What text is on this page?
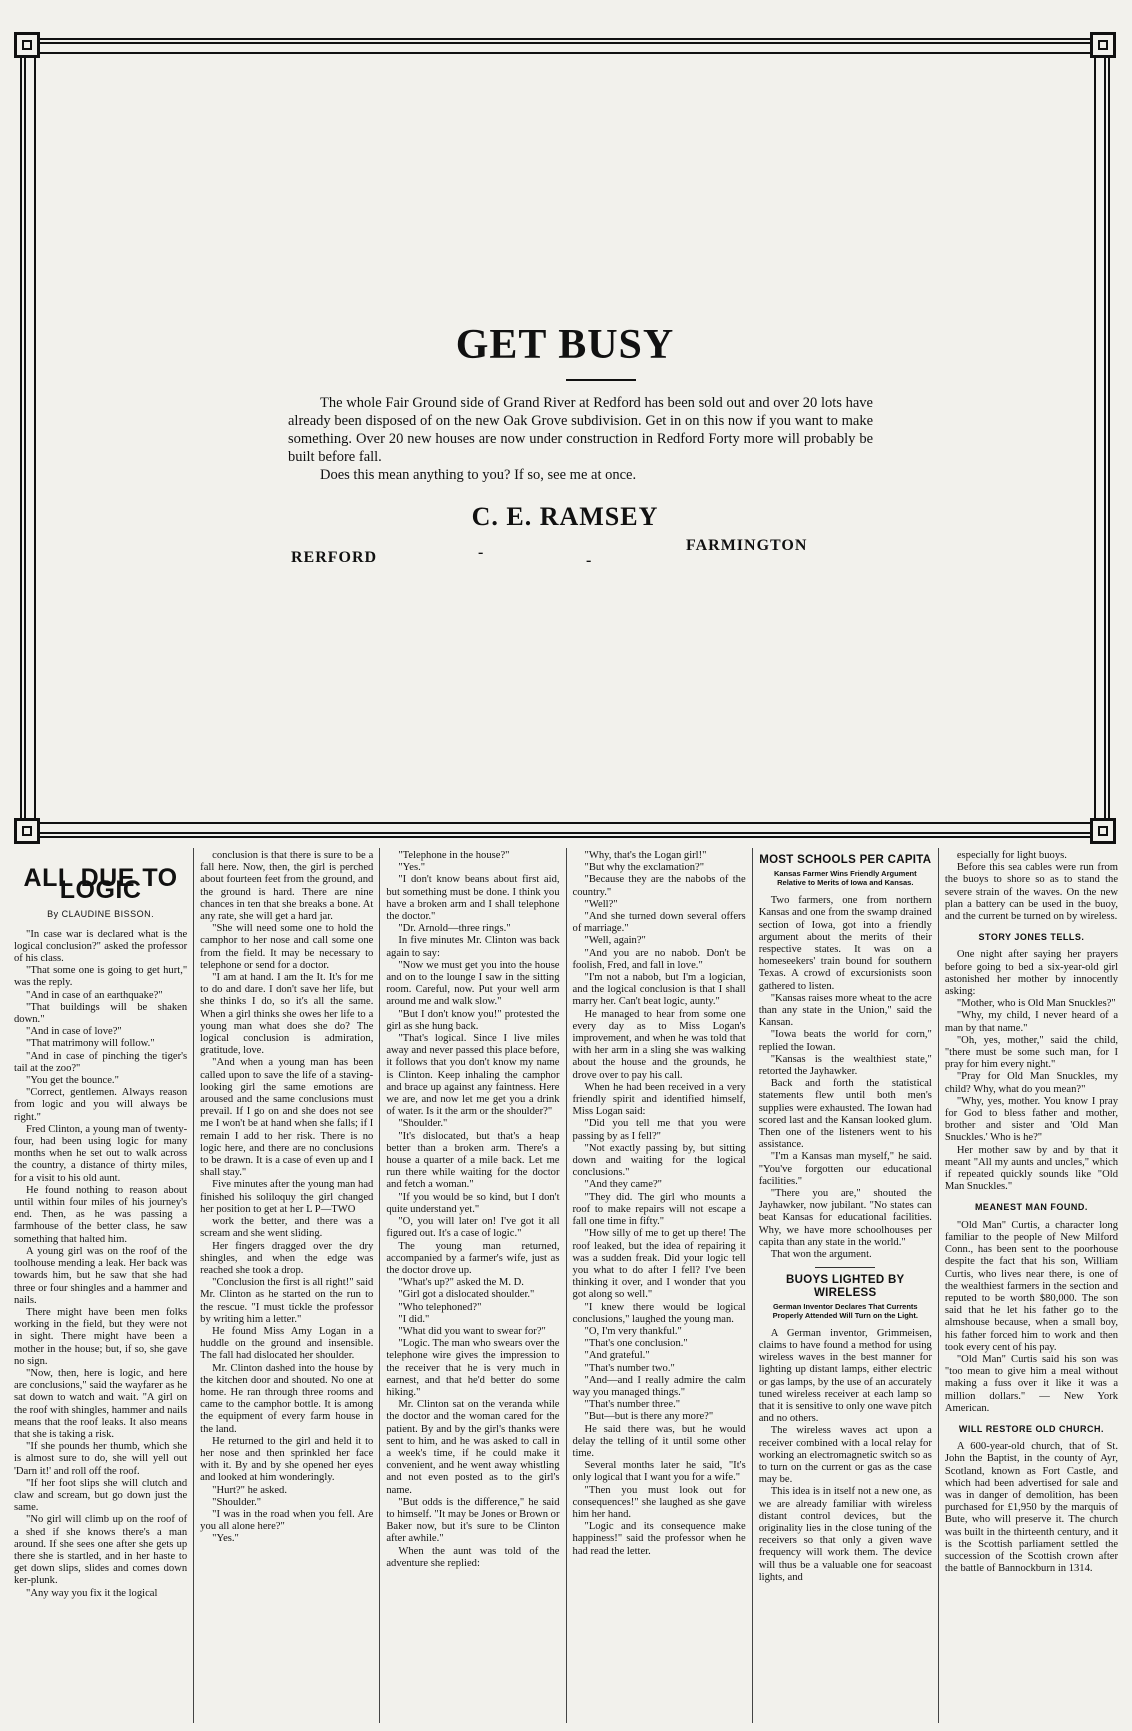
GET BUSY

The whole Fair Ground side of Grand River at Redford has been sold out and over 20 lots have already been disposed of on the new Oak Grove subdivision. Get in on this now if you want to make something. Over 20 new houses are now under construction in Redford Forty more will probably be built before fall.

Does this mean anything to you? If so, see me at once.

C. E. RAMSEY
RERFORD	-	-
FARMINGTON
ALL DUE TO LOGIC
By CLAUDINE BISSON.

"In case war is declared what is the logical conclusion?" asked the professor of his class.

"That some one is going to get hurt," was the reply.

"And in case of an earthquake?"

"That buildings will be shaken down."

"And in case of love?"

"That matrimony will follow."

"And in case of pinching the tiger's tail at the zoo?"

"You get the bounce."

"Correct, gentlemen. Always reason from logic and you will always be right."

Fred Clinton, a young man of twenty-four, had been using logic for many months when he set out to walk across the country, a distance of thirty miles, for a visit to his old aunt.

He found nothing to reason about until within four miles of his journey's end. Then, as he was passing a farmhouse of the better class, he saw something that halted him.

A young girl was on the roof of the toolhouse mending a leak. Her back was towards him, but he saw that she had three or four shingles and a hammer and nails.

There might have been men folks working in the field, but they were not in sight. There might have been a mother in the house; but, if so, she gave no sign.

"Now, then, here is logic, and here are conclusions," said the wayfarer as he sat down to watch and wait. "A girl on the roof with shingles, hammer and nails means that the roof leaks. It also means that she is taking a risk.

"If she pounds her thumb, which she is almost sure to do, she will yell out 'Darn it!' and roll off the roof.

"If her foot slips she will clutch and claw and scream, but go down just the same.

"No girl will climb up on the roof of a shed if she knows there's a man around. If she sees one after she gets up there she is startled, and in her haste to get down slips, slides and comes down ker-plunk.

"Any way you fix it the logical

conclusion is that there is sure to be a fall here. Now, then, the girl is perched about fourteen feet from the ground, and the ground is hard. There are nine chances in ten that she breaks a bone. At any rate, she will get a hard jar.

"She will need some one to hold the camphor to her nose and call some one from the field. It may be necessary to telephone or send for a doctor.

"I am at hand. I am the It. It's for me to do and dare. I don't save her life, but she thinks I do, so it's all the same. When a girl thinks she owes her life to a young man what does she do? The logical conclusion is admiration, gratitude, love.

"And when a young man has been called upon to save the life of a staving-looking girl the same emotions are aroused and the same conclusions must prevail. If I go on and she does not see me I won't be at hand when she falls; if I remain I add to her risk. There is no logic here, and there are no conclusions to be drawn. It is a case of even up and I shall stay."

Five minutes after the young man had finished his soliloquy the girl changed her position to get at her L P—TWO

work the better, and there was a scream and she went sliding.

Her fingers dragged over the dry shingles, and when the edge was reached she took a drop.

"Conclusion the first is all right!" said Mr. Clinton as he started on the run to the rescue. "I must tickle the professor by writing him a letter."

He found Miss Amy Logan in a huddle on the ground and insensible. The fall had dislocated her shoulder.

Mr. Clinton dashed into the house by the kitchen door and shouted. No one at home. He ran through three rooms and came to the camphor bottle. It is among the equipment of every farm house in the land.

He returned to the girl and held it to her nose and then sprinkled her face with it. By and by she opened her eyes and looked at him wonderingly.

"Hurt?" he asked.

"Shoulder."

"I was in the road when you fell. Are you all alone here?"

"Yes."

"Telephone in the house?"

"Yes."

"I don't know beans about first aid, but something must be done. I think you have a broken arm and I shall telephone the doctor."

"Dr. Arnold—three rings."

In five minutes Mr. Clinton was back again to say:

"Now we must get you into the house and on to the lounge I saw in the sitting room. Careful, now. Put your well arm around me and walk slow."

"But I don't know you!" protested the girl as she hung back.

"That's logical. Since I live miles away and never passed this place before, it follows that you don't know my name is Clinton. Keep inhaling the camphor and brace up against any faintness. Here we are, and now let me get you a drink of water. Is it the arm or the shoulder?"

"Shoulder."

"It's dislocated, but that's a heap better than a broken arm. There's a house a quarter of a mile back. Let me run there while waiting for the doctor and fetch a woman."

"If you would be so kind, but I don't quite understand yet."

"O, you will later on! I've got it all figured out. It's a case of logic."

The young man returned, accompanied by a farmer's wife, just as the doctor drove up.

"What's up?" asked the M. D.

"Girl got a dislocated shoulder."

"Who telephoned?"

"I did."

"What did you want to swear for?"

"Logic. The man who swears over the telephone wire gives the impression to the receiver that he is very much in earnest, and that he'd better do some hiking."

Mr. Clinton sat on the veranda while the doctor and the woman cared for the patient. By and by the girl's thanks were sent to him, and he was asked to call in a week's time, if he could make it convenient, and he went away whistling and not even posted as to the girl's name.

"But odds is the difference," he said to himself. "It may be Jones or Brown or Baker now, but it's sure to be Clinton after awhile."

When the aunt was told of the adventure she replied:

"Why, that's the Logan girl!"

"But why the exclamation?"

"Because they are the nabobs of the country."

"Well?"

"And she turned down several offers of marriage."

"Well, again?"

"And you are no nabob. Don't be foolish, Fred, and fall in love."

"I'm not a nabob, but I'm a logician, and the logical conclusion is that I shall marry her. Can't beat logic, aunty."

He managed to hear from some one every day as to Miss Logan's improvement, and when he was told that with her arm in a sling she was walking about the house and the grounds, he drove over to pay his call.

When he had been received in a very friendly spirit and identified himself, Miss Logan said:

"Did you tell me that you were passing by as I fell?"

"Not exactly passing by, but sitting down and waiting for the logical conclusions."

"And they came?"

"They did. The girl who mounts a roof to make repairs will not escape a fall one time in fifty."

"How silly of me to get up there! The roof leaked, but the idea of repairing it was a sudden freak. Did your logic tell you what to do after I fell? I've been thinking it over, and I wonder that you got along so well."

"I knew there would be logical conclusions," laughed the young man.

"O, I'm very thankful."

"That's one conclusion."

"And grateful."

"That's number two."

"And—and I really admire the calm way you managed things."

"That's number three."

"But—but is there any more?"

He said there was, but he would delay the telling of it until some other time.

Several months later he said, "It's only logical that I want you for a wife."

"Then you must look out for consequences!" she laughed as she gave him her hand.

"Logic and its consequence make happiness!" said the professor when he had read the letter.

MOST SCHOOLS PER CAPITA
Kansas Farmer Wins Friendly Argument Relative to Merits of Iowa and Kansas.

Two farmers, one from northern Kansas and one from the swamp drained section of Iowa, got into a friendly argument about the merits of their respective states. It was on a homeseekers' train bound for southern Texas. A crowd of excursionists soon gathered to listen.

"Kansas raises more wheat to the acre than any state in the Union," said the Kansan.

"Iowa beats the world for corn," replied the Iowan.

"Kansas is the wealthiest state," retorted the Jayhawker.

Back and forth the statistical statements flew until both men's supplies were exhausted. The Iowan had scored last and the Kansan looked glum. Then one of the listeners went to his assistance.

"I'm a Kansas man myself," he said. "You've forgotten our educational facilities."

"There you are," shouted the Jayhawker, now jubilant. "No states can beat Kansas for educational facilities. Why, we have more schoolhouses per capita than any state in the world."

That won the argument.

BUOYS LIGHTED BY WIRELESS
German Inventor Declares That Currents Properly Attended Will Turn on the Light.

A German inventor, Grimmeisen, claims to have found a method for using wireless waves in the best manner for lighting up distant lamps, either electric or gas lamps, by the use of an accurately tuned wireless receiver at each lamp so that it is sensitive to only one wave pitch and no others.

The wireless waves act upon a receiver combined with a local relay for working an electromagnetic switch so as to turn on the current or gas as the case may be.

This idea is in itself not a new one, as we are already familiar with wireless distant control devices, but the originality lies in the close tuning of the receivers so that only a given wave frequency will work them. The device will thus be a valuable one for seacoast lights, and

especially for light buoys.

Before this sea cables were run from the buoys to shore so as to stand the severe strain of the waves. On the new plan a battery can be used in the buoy, and the current be turned on by wireless.

STORY JONES TELLS.

One night after saying her prayers before going to bed a six-year-old girl astonished her mother by innocently asking:

"Mother, who is Old Man Snuckles?"

"Why, my child, I never heard of a man by that name."

"Oh, yes, mother," said the child, "there must be some such man, for I pray for him every night."

"Pray for Old Man Snuckles, my child? Why, what do you mean?"

"Why, yes, mother. You know I pray for God to bless father and mother, brother and sister and 'Old Man Snuckles.' Who is he?"

Her mother saw by and by that it meant "All my aunts and uncles," which if repeated quickly sounds like "Old Man Snuckles."

MEANEST MAN FOUND.

"Old Man" Curtis, a character long familiar to the people of New Milford Conn., has been sent to the poorhouse despite the fact that his son, William Curtis, who lives near there, is one of the wealthiest farmers in the section and reputed to be worth $80,000. The son said that he let his father go to the almshouse because, when a small boy, his father forced him to work and then took every cent of his pay.

"Old Man" Curtis said his son was "too mean to give him a meal without making a fuss over it like it was a million dollars." — New York American.

WILL RESTORE OLD CHURCH.

A 600-year-old church, that of St. John the Baptist, in the county of Ayr, Scotland, known as Fort Castle, and which had been advertised for sale and was in danger of demolition, has been purchased for £1,950 by the marquis of Bute, who will preserve it. The church was built in the thirteenth century, and it is the Scottish parliament settled the succession of the Scottish crown after the battle of Bannockburn in 1314.
